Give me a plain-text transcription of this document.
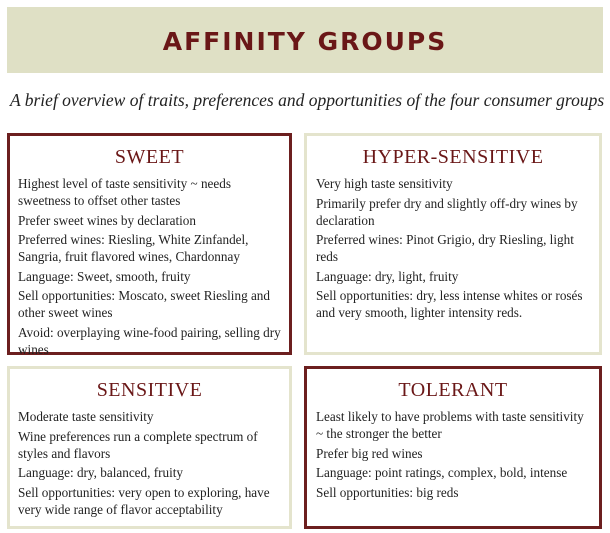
AFFINITY GROUPS
A brief overview of traits, preferences and opportunities of the four consumer groups
SWEET

Highest level of taste sensitivity ~ needs sweetness to offset other tastes

Prefer sweet wines by declaration

Preferred wines: Riesling, White Zinfandel, Sangria, fruit flavored wines, Chardonnay

Language: Sweet, smooth, fruity

Sell opportunities: Moscato, sweet Riesling and other sweet wines

Avoid: overplaying wine-food pairing, selling dry wines

HYPER-SENSITIVE

Very high taste sensitivity

Primarily prefer dry and slightly off-dry wines by declaration

Preferred wines: Pinot Grigio, dry Riesling, light reds

Language: dry, light, fruity

Sell opportunities: dry, less intense whites or rosés and very smooth, lighter intensity reds.

SENSITIVE

Moderate taste sensitivity

Wine preferences run a complete spectrum of styles and flavors

Language: dry, balanced, fruity

Sell opportunities: very open to exploring, have very wide range of flavor acceptability

TOLERANT

Least likely to have problems with taste sensitivity ~ the stronger the better

Prefer big red wines

Language: point ratings, complex, bold, intense

Sell opportunities: big reds
